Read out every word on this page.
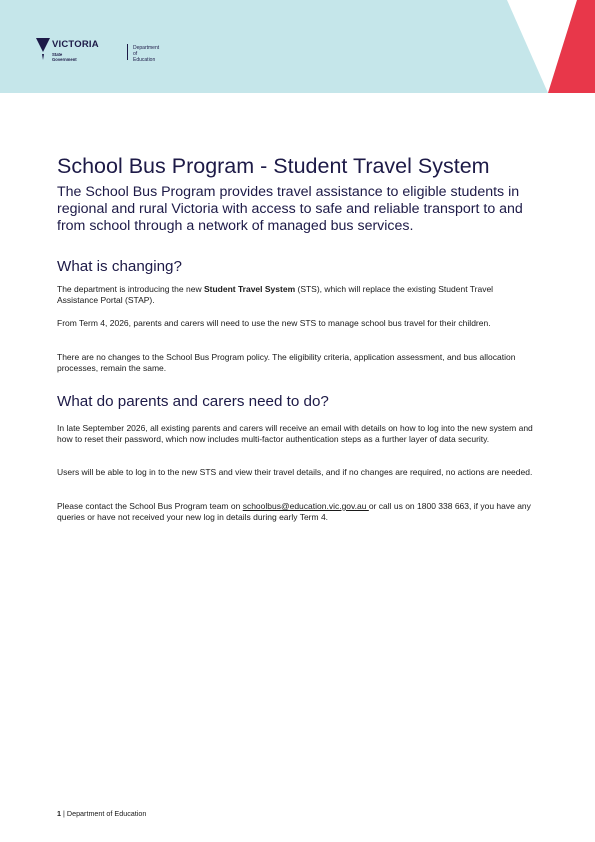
VICTORIA
State
Government
Department
of Education
School Bus Program - Student Travel System

The School Bus Program provides travel assistance to eligible students in regional and rural Victoria with access to safe and reliable transport to and from school through a network of managed bus services.

What is changing?

The department is introducing the new Student Travel System (STS), which will replace the existing Student Travel Assistance Portal (STAP).

From Term 4, 2026, parents and carers will need to use the new STS to manage school bus travel for their children.

There are no changes to the School Bus Program policy. The eligibility criteria, application assessment, and bus allocation processes, remain the same.

What do parents and carers need to do?

In late September 2026, all existing parents and carers will receive an email with details on how to log into the new system and how to reset their password, which now includes multi-factor authentication steps as a further layer of data security.

Users will be able to log in to the new STS and view their travel details, and if no changes are required, no actions are needed.

Please contact the School Bus Program team on schoolbus@education.vic.gov.au or call us on 1800 338 663, if you have any queries or have not received your new log in details during early Term 4.

1 | Department of Education
